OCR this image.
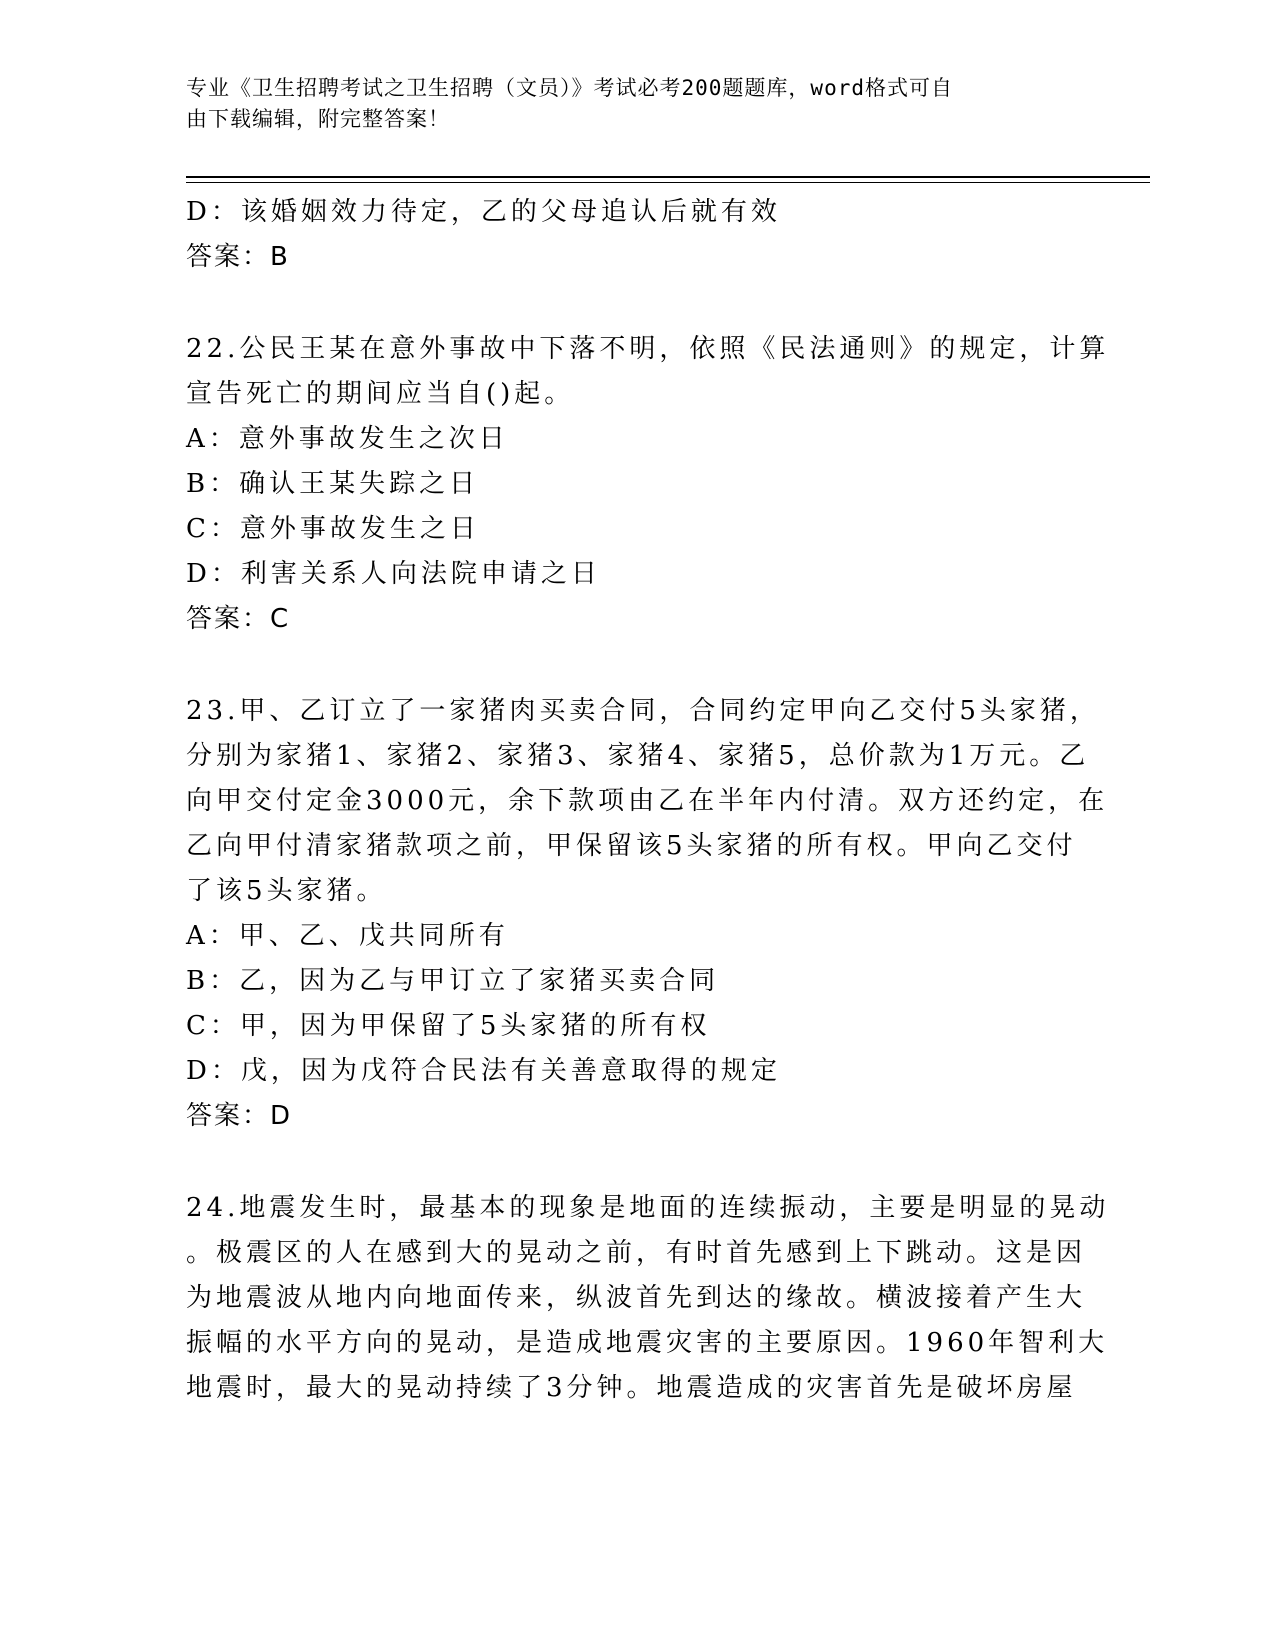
专业《卫生招聘考试之卫生招聘（文员）》考试必考200题题库，word格式可自
由下载编辑，附完整答案！
D：该婚姻效力待定，乙的父母追认后就有效
答案：B
22.公民王某在意外事故中下落不明，依照《民法通则》的规定，计算
宣告死亡的期间应当自()起。
A：意外事故发生之次日
B：确认王某失踪之日
C：意外事故发生之日
D：利害关系人向法院申请之日
答案：C
23.甲、乙订立了一家猪肉买卖合同，合同约定甲向乙交付5头家猪，
分别为家猪1、家猪2、家猪3、家猪4、家猪5，总价款为1万元。乙
向甲交付定金3000元，余下款项由乙在半年内付清。双方还约定，在
乙向甲付清家猪款项之前，甲保留该5头家猪的所有权。甲向乙交付
了该5头家猪。
A：甲、乙、戊共同所有
B：乙，因为乙与甲订立了家猪买卖合同
C：甲，因为甲保留了5头家猪的所有权
D：戊，因为戊符合民法有关善意取得的规定
答案：D
24.地震发生时，最基本的现象是地面的连续振动，主要是明显的晃动
。极震区的人在感到大的晃动之前，有时首先感到上下跳动。这是因
为地震波从地内向地面传来，纵波首先到达的缘故。横波接着产生大
振幅的水平方向的晃动，是造成地震灾害的主要原因。1960年智利大
地震时，最大的晃动持续了3分钟。地震造成的灾害首先是破坏房屋
